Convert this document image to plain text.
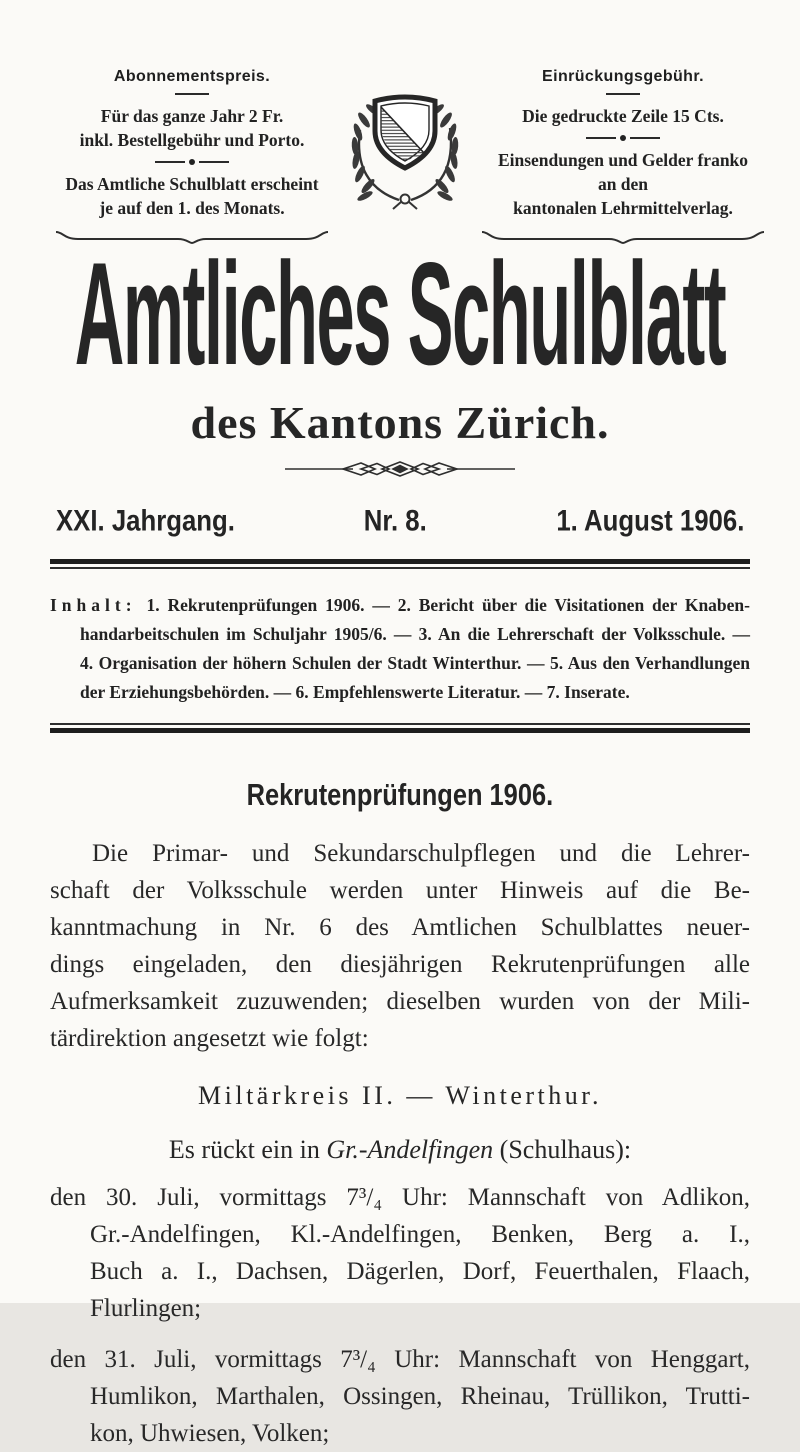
Abonnementspreis.
Für das ganze Jahr 2 Fr.
inkl. Bestellgebühr und Porto.
Das Amtliche Schulblatt erscheint
je auf den 1. des Monats.
Einrückungsgebühr.
Die gedruckte Zeile 15 Cts.
Einsendungen und Gelder franko
an den
kantonalen Lehrmittelverlag.
Amtliches Schulblatt
des Kantons Zürich.
XXI. Jahrgang.	Nr. 8.	1. August 1906.
Inhalt: 1. Rekrutenprüfungen 1906. — 2. Bericht über die Visitationen der Knaben-
handarbeitschulen im Schuljahr 1905/6. — 3. An die Lehrerschaft der Volksschule. —
4. Organisation der höhern Schulen der Stadt Winterthur. — 5. Aus den Verhandlungen
der Erziehungsbehörden. — 6. Empfehlenswerte Literatur. — 7. Inserate.
Rekrutenprüfungen 1906.
Die Primar- und Sekundarschulpflegen und die Lehrer-
schaft der Volksschule werden unter Hinweis auf die Be-
kanntmachung in Nr. 6 des Amtlichen Schulblattes neuer-
dings eingeladen, den diesjährigen Rekrutenprüfungen alle
Aufmerksamkeit zuzuwenden; dieselben wurden von der Mili-
tärdirektion angesetzt wie folgt:
Miltärkreis II. — Winterthur.
Es rückt ein in Gr.-Andelfingen (Schulhaus):
den 30. Juli, vormittags 7³/₄ Uhr: Mannschaft von Adlikon,
Gr.-Andelfingen, Kl.-Andelfingen, Benken, Berg a. I.,
Buch a. I., Dachsen, Dägerlen, Dorf, Feuerthalen, Flaach,
Flurlingen;
den 31. Juli, vormittags 7³/₄ Uhr: Mannschaft von Henggart,
Humlikon, Marthalen, Ossingen, Rheinau, Trüllikon, Trutti-
kon, Uhwiesen, Volken;
